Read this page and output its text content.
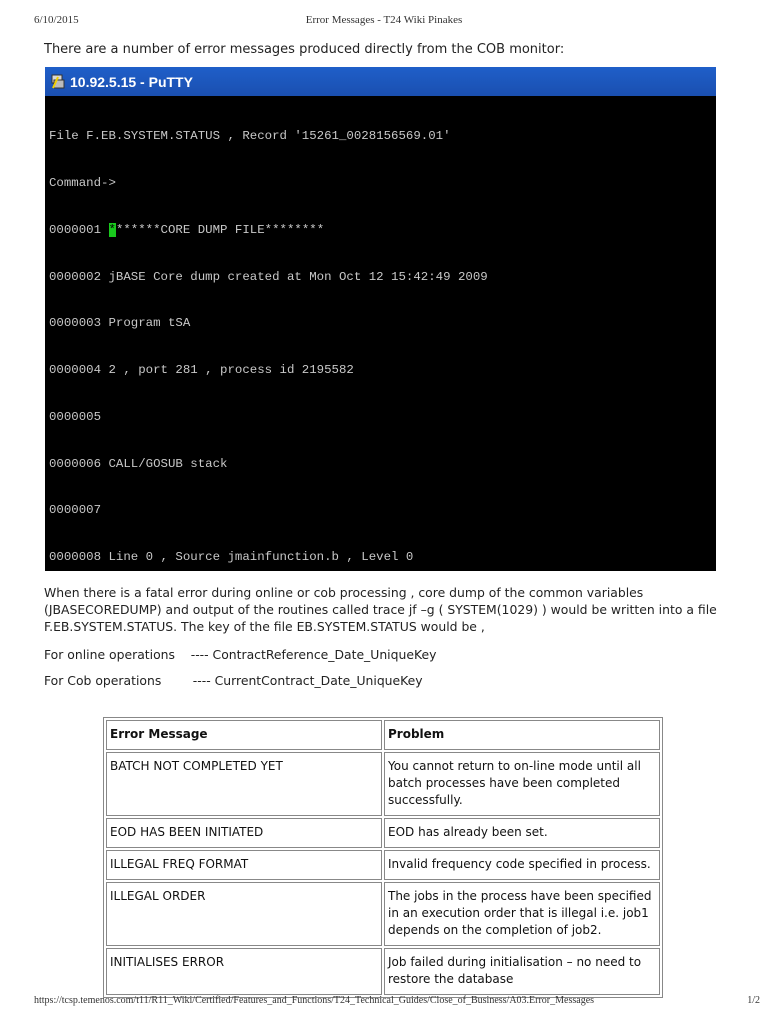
6/10/2015	Error Messages - T24 Wiki Pinakes
There are a number of error messages produced directly from the COB monitor:
10.92.5.15 - PuTTY

File F.EB.SYSTEM.STATUS , Record '15261_0028156569.01'

Command->

0000001 *******CORE DUMP FILE********

0000002 jBASE Core dump created at Mon Oct 12 15:42:49 2009

0000003 Program tSA

0000004 2 , port 281 , process id 2195582

0000005

0000006 CALL/GOSUB stack

0000007

0000008 Line 0 , Source jmainfunction.b , Level 0

When there is a fatal error during online or cob processing , core dump of the common variables (JBASECOREDUMP) and output of the routines called trace jf –g ( SYSTEM(1029) ) would be written into a file F.EB.SYSTEM.STATUS. The key of the file EB.SYSTEM.STATUS would be ,
For online operations    ---- ContractReference_Date_UniqueKey
For Cob operations        ---- CurrentContract_Date_UniqueKey
Error Message	Problem
BATCH NOT COMPLETED YET	You cannot return to on-line mode until all batch processes have been completed successfully.
EOD HAS BEEN INITIATED	EOD has already been set.
ILLEGAL FREQ FORMAT	Invalid frequency code specified in process.
ILLEGAL ORDER	The jobs in the process have been specified in an execution order that is illegal i.e. job1 depends on the completion of job2.
INITIALISES ERROR	Job failed during initialisation – no need to restore the database
https://tcsp.temenos.com/t11/R11_Wiki/Certified/Features_and_Functions/T24_Technical_Guides/Close_of_Business/A03.Error_Messages	1/2
